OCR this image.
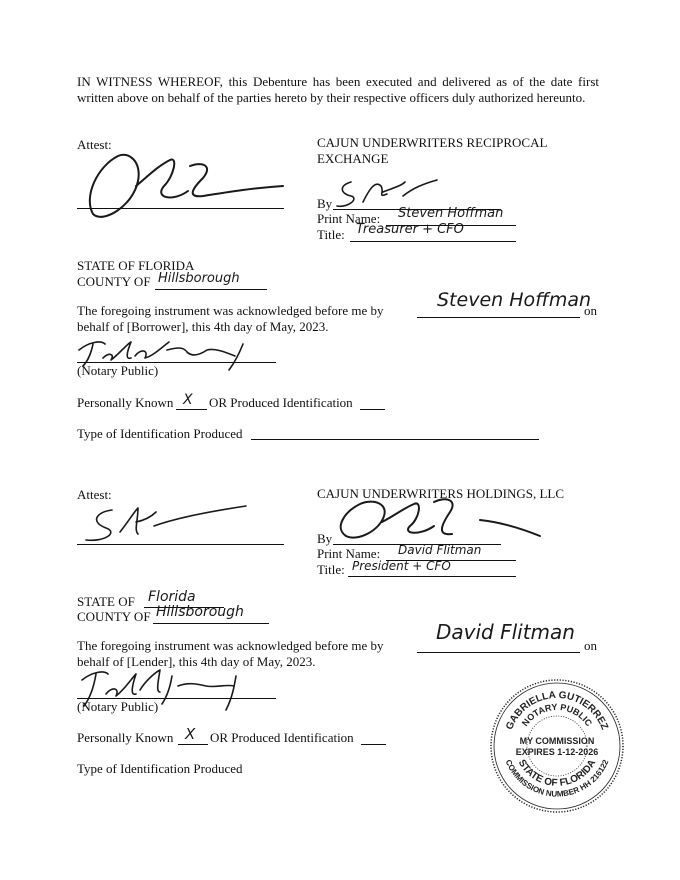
IN WITNESS WHEREOF, this Debenture has been executed and delivered as of the date first written above on behalf of the parties hereto by their respective officers duly authorized hereunto.
Attest:	CAJUN UNDERWRITERS RECIPROCAL
EXCHANGE
By
Print Name: Steven Hoffman
Title: Treasurer + CFO
STATE OF FLORIDA
COUNTY OF Hillsborough
The foregoing instrument was acknowledged before me by	Steven Hoffman
on
behalf of [Borrower], this 4th day of May, 2023.
(Notary Public)
Personally Known X OR Produced Identification
Type of Identification Produced
Attest:	CAJUN UNDERWRITERS HOLDINGS, LLC
By
Print Name: David Flitman
Title: President + CFO
STATE OF Florida
COUNTY OF Hillsborough
The foregoing instrument was acknowledged before me by
David Flitman
on
behalf of [Lender], this 4th day of May, 2023.
(Notary Public)
Personally Known X OR Produced Identification
Type of Identification Produced
GABRIELLA GUTIERREZ
NOTARY PUBLIC
MY COMMISSION
EXPIRES 1-12-2026
STATE OF FLORIDA
COMMISSION NUMBER HH 216122
